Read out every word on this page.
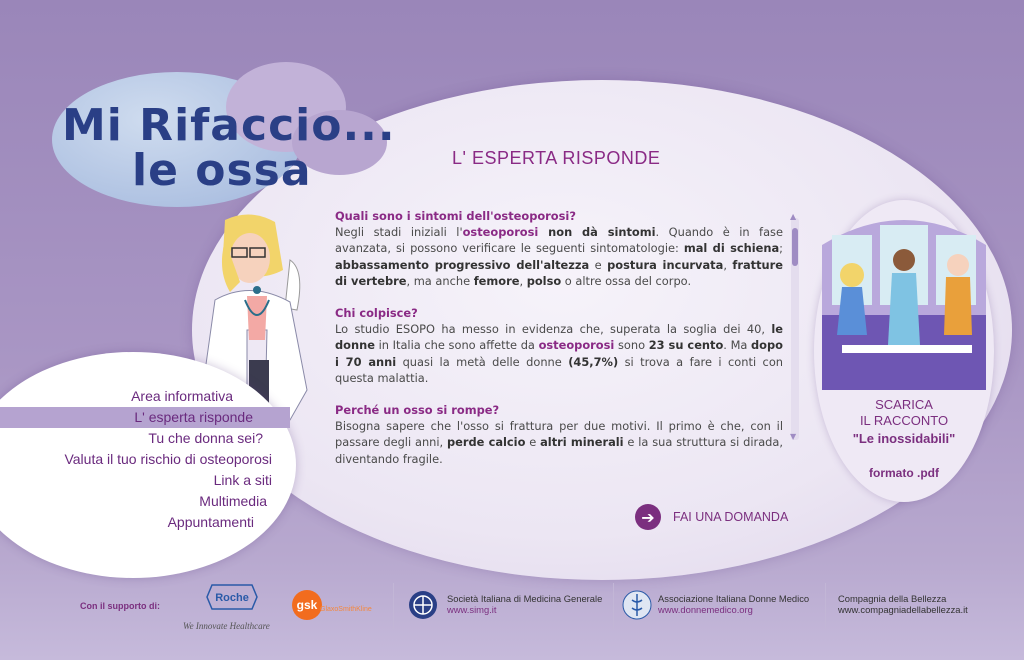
Mi Rifaccio...
le ossa	L' ESPERTA RISPONDE

Quali sono i sintomi dell'osteoporosi?

Negli stadi iniziali l'osteoporosi non dà sintomi. Quando è in fase avanzata, si possono verificare le seguenti sintomatologie: mal di schiena; abbassamento progressivo dell'altezza e postura incurvata, fratture di vertebre, ma anche femore, polso o altre ossa del corpo.

Chi colpisce?

Lo studio ESOPO ha messo in evidenza che, superata la soglia dei 40, le donne in Italia che sono affette da osteoporosi sono 23 su cento. Ma dopo i 70 anni quasi la metà delle donne (45,7%) si trova a fare i conti con questa malattia.

Perché un osso si rompe?

Bisogna sapere che l'osso si frattura per due motivi. Il primo è che, con il passare degli anni, perde calcio e altri minerali e la sua struttura si dirada, diventando fragile.

▲
▼
➔	FAI UNA DOMANDA
Area informativa
L' esperta risponde
Tu che donna sei?
Valuta il tuo rischio di osteoporosi
Link a siti
Multimedia
Appuntamenti
SCARICA
IL RACCONTO
"Le inossidabili"
formato .pdf
Con il supporto di:
Roche
We Innovate Healthcare
gsk GlaxoSmithKline
Società Italiana di Medicina Generale
www.simg.it
Associazione Italiana Donne Medico
www.donnemedico.org
Compagnia della Bellezza
www.compagniadellabellezza.it
